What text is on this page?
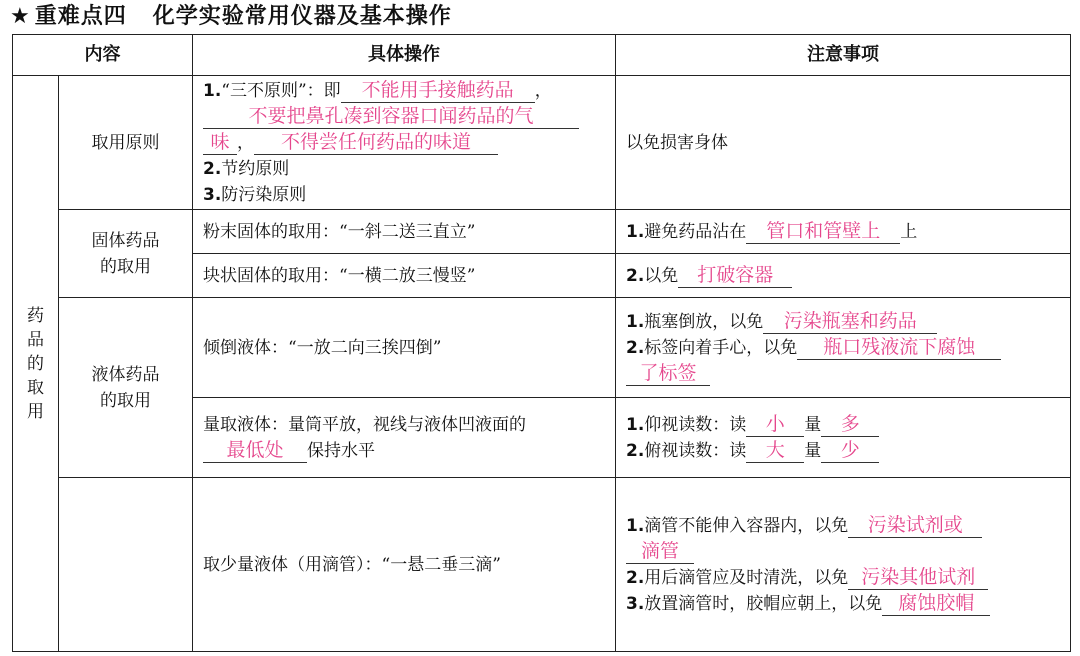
★ 重难点四 化学实验常用仪器及基本操作
内容		具体操作	注意事项

药品的取用	取用原则	1.“三不原则”：即 不能用手接触药品 ，
不要把鼻孔凑到容器口闻药品的气
味 ， 不得尝任何药品的味道
2.节约原则
3.防污染原则	以免损害身体

	固体药品
的取用	粉末固体的取用：“一斜二送三直立”	1.避免药品沾在 管口和管壁上 上
		块状固体的取用：“一横二放三慢竖”	2.以免 打破容器

	液体药品
的取用	倾倒液体：“一放二向三挨四倒”	1.瓶塞倒放，以免 污染瓶塞和药品
2.标签向着手心，以免 瓶口残液流下腐蚀
了标签

		量取液体：量筒平放，视线与液体凹液面的
最低处 保持水平	1.仰视读数：读 小 量 多
2.俯视读数：读 大 量 少

		取少量液体（用滴管）：“一悬二垂三滴”	1.滴管不能伸入容器内，以免 污染试剂或
滴管
2.用后滴管应及时清洗，以免 污染其他试剂
3.放置滴管时，胶帽应朝上，以免 腐蚀胶帽
